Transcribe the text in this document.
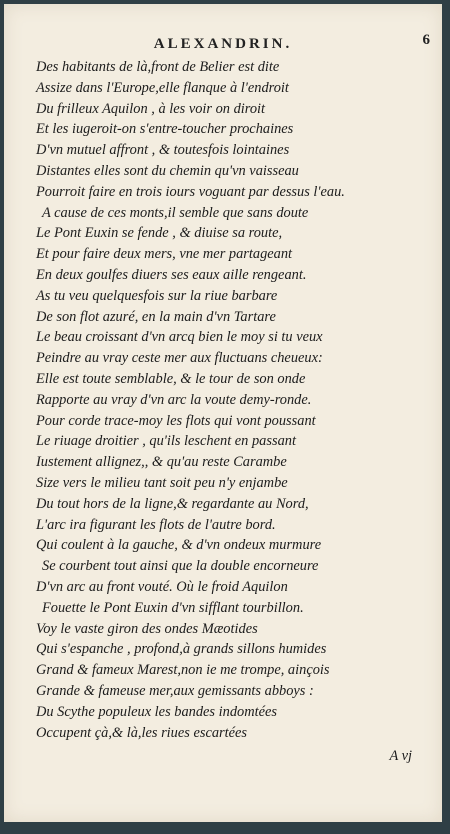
ALEXANDRIN.	6
Des habitants de là,front de Belier est dite
Assize dans l'Europe,elle flanque à l'endroit
Du frilleux Aquilon , à les voir on diroit
Et les iugeroit-on s'entre-toucher prochaines
D'vn mutuel affront , & toutesfois lointaines
Distantes elles sont du chemin qu'vn vaisseau
Pourroit faire en trois iours voguant par dessus l'eau.
A cause de ces monts,il semble que sans doute
Le Pont Euxin se fende , & diuise sa route,
Et pour faire deux mers, vne mer partageant
En deux goulfes diuers ses eaux aille rengeant.
As tu veu quelquesfois sur la riue barbare
De son flot azuré, en la main d'vn Tartare
Le beau croissant d'vn arcq bien le moy si tu veux
Peindre au vray ceste mer aux fluctuans cheueux:
Elle est toute semblable, & le tour de son onde
Rapporte au vray d'vn arc la voute demy-ronde.
Pour corde trace-moy les flots qui vont poussant
Le riuage droitier , qu'ils leschent en passant
Iustement allignez,, & qu'au reste Carambe
Size vers le milieu tant soit peu n'y enjambe
Du tout hors de la ligne,& regardante au Nord,
L'arc ira figurant les flots de l'autre bord.
Qui coulent à la gauche, & d'vn ondeux murmure
Se courbent tout ainsi que la double encorneure
D'vn arc au front vouté. Où le froid Aquilon
Fouette le Pont Euxin d'vn sifflant tourbillon.
Voy le vaste giron des ondes Mæotides
Qui s'espanche , profond,à grands sillons humides
Grand & fameux Marest,non ie me trompe, ainçois
Grande & fameuse mer,aux gemissants abboys :
Du Scythe populeux les bandes indomtées
Occupent çà,& là,les riues escartées
A vj
